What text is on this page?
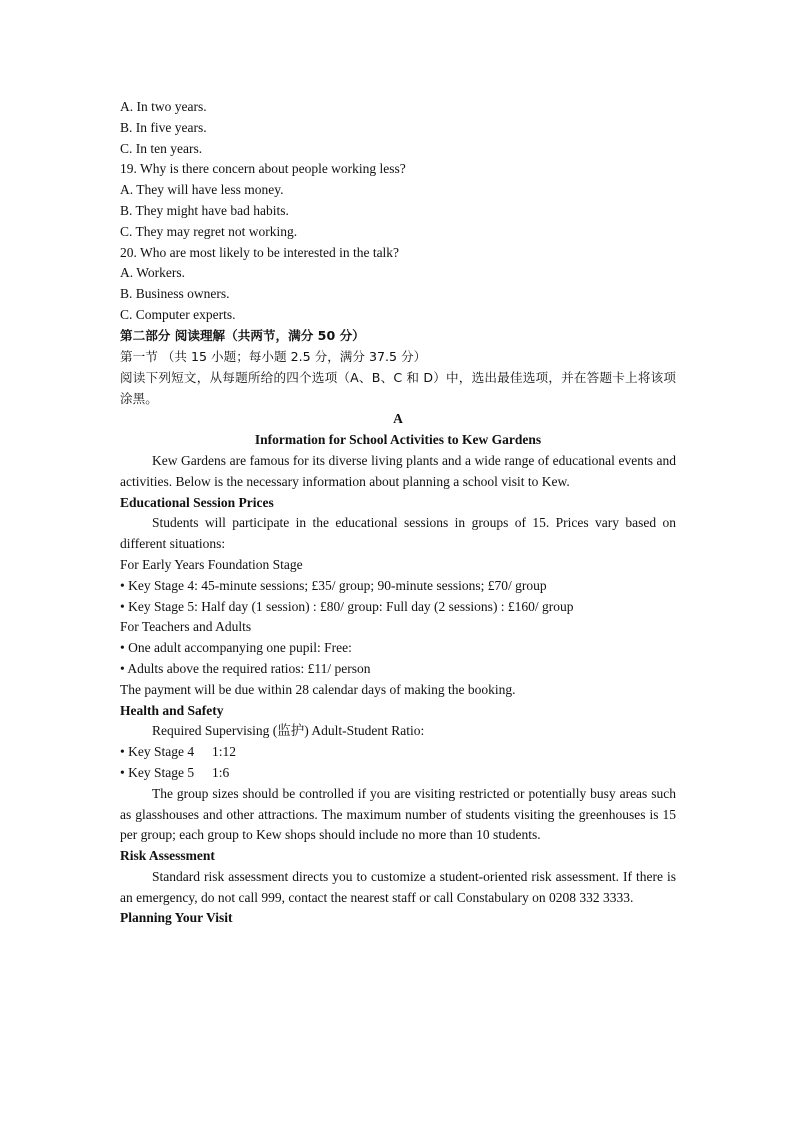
A. In two years.
B. In five years.
C. In ten years.
19. Why is there concern about people working less?
A. They will have less money.
B. They might have bad habits.
C. They may regret not working.
20. Who are most likely to be interested in the talk?
A. Workers.
B. Business owners.
C. Computer experts.
第二部分 阅读理解（共两节，满分 50 分）
第一节 （共 15 小题；每小题 2.5 分，满分 37.5 分）
阅读下列短文，从每题所给的四个选项（A、B、C 和 D）中，选出最佳选项，并在答题卡上将该项涂黑。
A
Information for School Activities to Kew Gardens
Kew Gardens are famous for its diverse living plants and a wide range of educational events and activities. Below is the necessary information about planning a school visit to Kew.
Educational Session Prices
Students will participate in the educational sessions in groups of 15. Prices vary based on different situations:
For Early Years Foundation Stage
• Key Stage 4: 45-minute sessions; £35/ group; 90-minute sessions; £70/ group
• Key Stage 5: Half day (1 session) : £80/ group: Full day (2 sessions) : £160/ group
For Teachers and Adults
• One adult accompanying one pupil: Free:
• Adults above the required ratios: £11/ person
The payment will be due within 28 calendar days of making the booking.
Health and Safety
Required Supervising (监护) Adult-Student Ratio:
• Key Stage 4 1:12
• Key Stage 5 1:6
The group sizes should be controlled if you are visiting restricted or potentially busy areas such as glasshouses and other attractions. The maximum number of students visiting the greenhouses is 15 per group; each group to Kew shops should include no more than 10 students.
Risk Assessment
Standard risk assessment directs you to customize a student-oriented risk assessment. If there is an emergency, do not call 999, contact the nearest staff or call Constabulary on 0208 332 3333.
Planning Your Visit
